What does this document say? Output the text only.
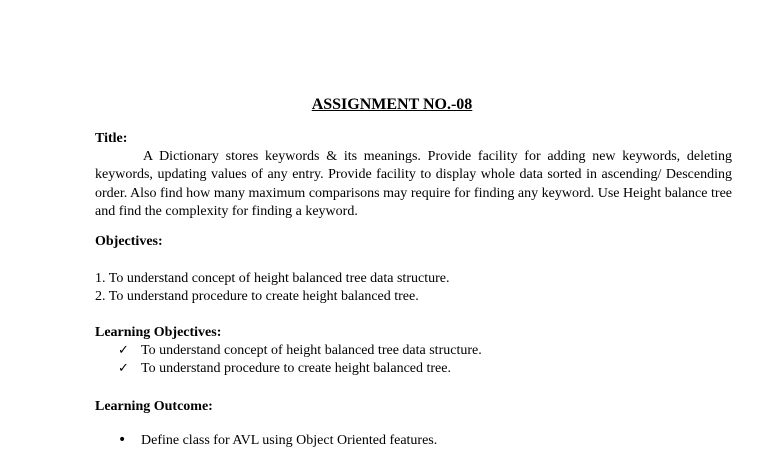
ASSIGNMENT NO.-08
Title:
A Dictionary stores keywords & its meanings. Provide facility for adding new keywords, deleting keywords, updating values of any entry. Provide facility to display whole data sorted in ascending/ Descending order. Also find how many maximum comparisons may require for finding any keyword. Use Height balance tree and find the complexity for finding a keyword.
Objectives:
1. To understand concept of height balanced tree data structure.
2. To understand procedure to create height balanced tree.
Learning Objectives:
✓ To understand concept of height balanced tree data structure.
✓ To understand procedure to create height balanced tree.
Learning Outcome:
• Define class for AVL using Object Oriented features.
